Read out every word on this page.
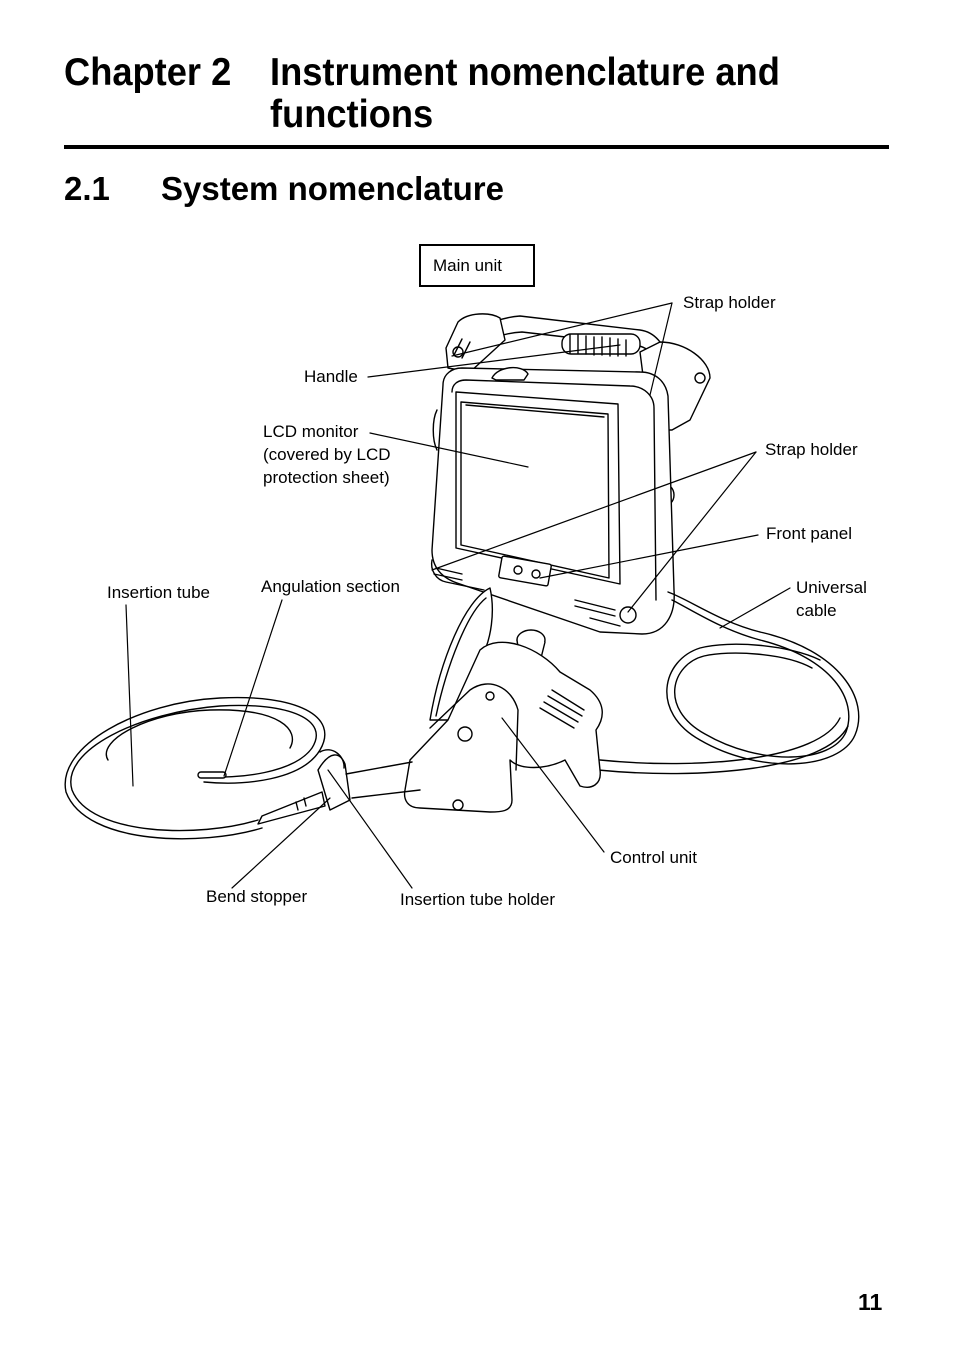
Chapter 2 Instrument nomenclature and functions
2.1 System nomenclature
Main unit
Strap holder
Handle
LCD monitor
(covered by LCD
protection sheet)
Strap holder
Front panel
Universal
cable
Insertion tube	Angulation section
Control unit
Bend stopper	Insertion tube holder
11
